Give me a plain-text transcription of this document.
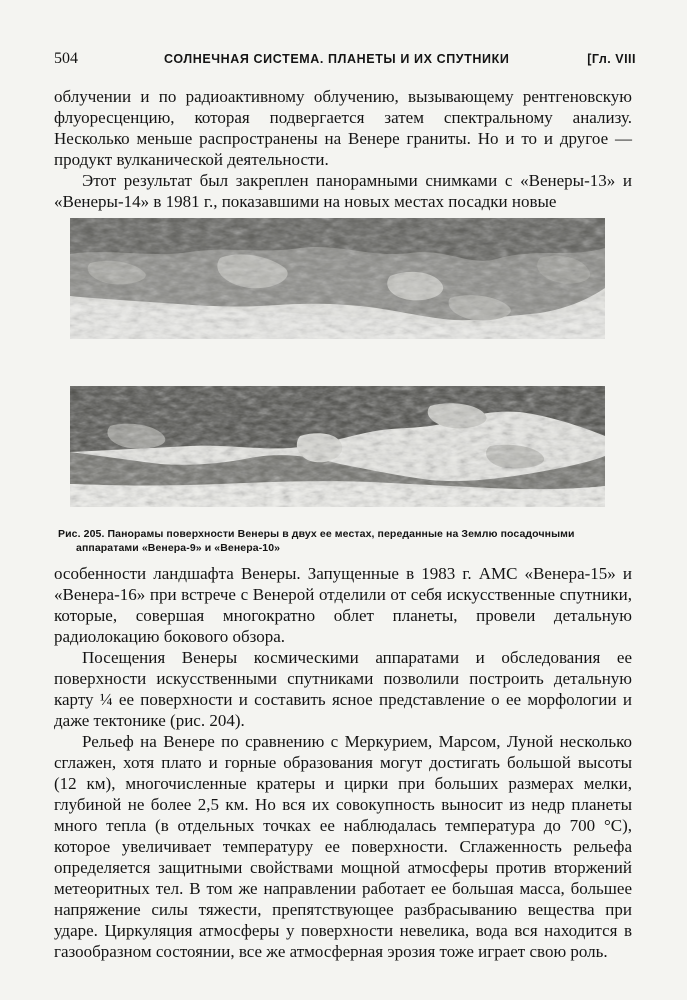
504	СОЛНЕЧНАЯ СИСТЕМА. ПЛАНЕТЫ И ИХ СПУТНИКИ	[Гл. VIII

облучении и по радиоактивному облучению, вызывающему рентгеновскую флуоресценцию, которая подвергается затем спектральному анализу. Несколько меньше распространены на Венере граниты. Но и то и другое — продукт вулканической деятельности.

Этот результат был закреплен панорамными снимками с «Венеры-13» и «Венеры-14» в 1981 г., показавшими на новых местах посадки новые

Рис. 205. Панорамы поверхности Венеры в двух ее местах, переданные на Землю посадочными
аппаратами «Венера-9» и «Венера-10»

особенности ландшафта Венеры. Запущенные в 1983 г. АМС «Венера-15» и «Венера-16» при встрече с Венерой отделили от себя искусственные спутники, которые, совершая многократно облет планеты, провели детальную радиолокацию бокового обзора.

Посещения Венеры космическими аппаратами и обследования ее поверхности искусственными спутниками позволили построить детальную карту ¼ ее поверхности и составить ясное представление о ее морфологии и даже тектонике (рис. 204).

Рельеф на Венере по сравнению с Меркурием, Марсом, Луной несколько сглажен, хотя плато и горные образования могут достигать большой высоты (12 км), многочисленные кратеры и цирки при больших размерах мелки, глубиной не более 2,5 км. Но вся их совокупность выносит из недр планеты много тепла (в отдельных точках ее наблюдалась температура до 700 °С), которое увеличивает температуру ее поверхности. Сглаженность рельефа определяется защитными свойствами мощной атмосферы против вторжений метеоритных тел. В том же направлении работает ее большая масса, большее напряжение силы тяжести, препятствующее разбрасыванию вещества при ударе. Циркуляция атмосферы у поверхности невелика, вода вся находится в газообразном состоянии, все же атмосферная эрозия тоже играет свою роль.
